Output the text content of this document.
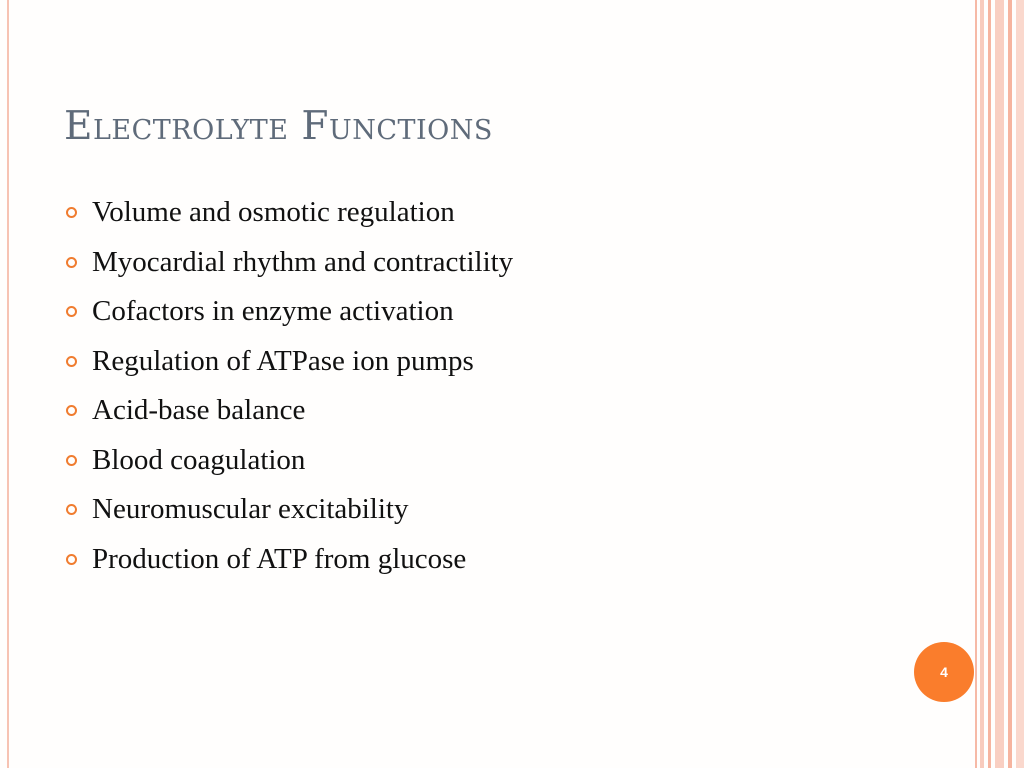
Electrolyte Functions
Volume and osmotic regulation
Myocardial rhythm and contractility
Cofactors in enzyme activation
Regulation of ATPase ion pumps
Acid-base balance
Blood coagulation
Neuromuscular excitability
Production of ATP from glucose
4
